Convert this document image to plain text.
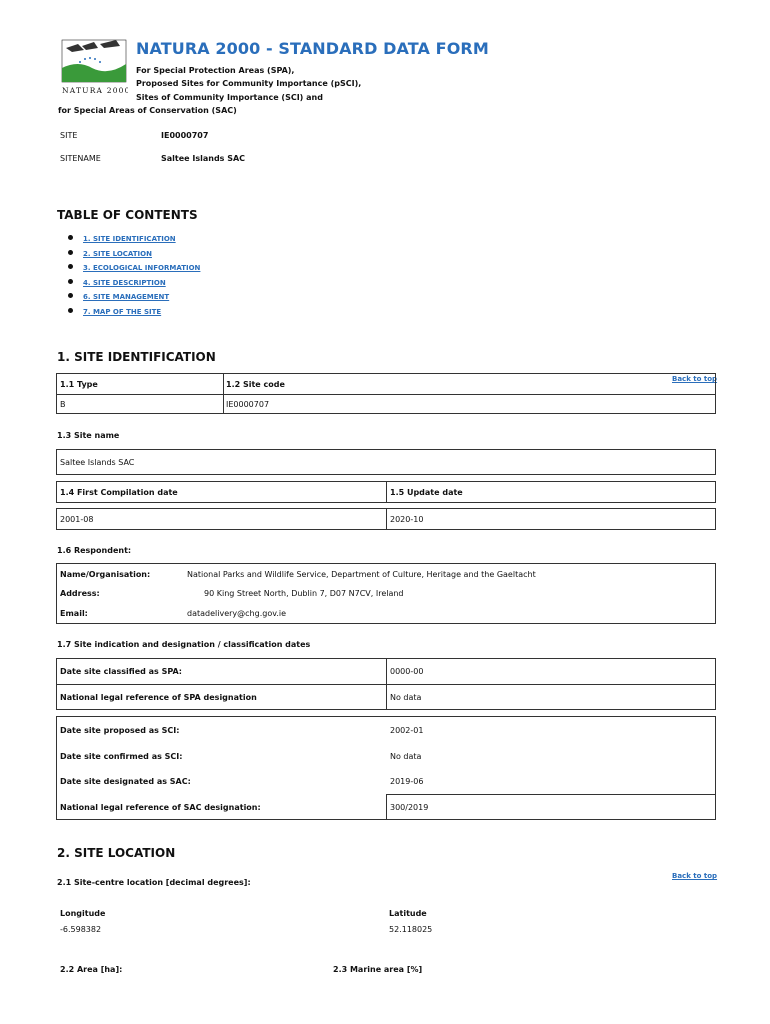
NATURA 2000
NATURA 2000 - STANDARD DATA FORM
For Special Protection Areas (SPA),
Proposed Sites for Community Importance (pSCI),
Sites of Community Importance (SCI) and
for Special Areas of Conservation (SAC)
SITE	IE0000707
SITENAME	Saltee Islands SAC
TABLE OF CONTENTS
1. SITE IDENTIFICATION
2. SITE LOCATION
3. ECOLOGICAL INFORMATION
4. SITE DESCRIPTION
6. SITE MANAGEMENT
7. MAP OF THE SITE
1. SITE IDENTIFICATION
Back to top
1.1 Type	1.2 Site code
B	IE0000707
1.3 Site name
Saltee Islands SAC
1.4 First Compilation date	1.5 Update date
2001-08	2020-10
1.6 Respondent:
Name/Organisation:	National Parks and Wildlife Service, Department of Culture, Heritage and the Gaeltacht
Address:	90 King Street North, Dublin 7, D07 N7CV, Ireland
Email:	datadelivery@chg.gov.ie
1.7 Site indication and designation / classification dates
Date site classified as SPA:	0000-00
National legal reference of SPA designation	No data
Date site proposed as SCI:	2002-01
Date site confirmed as SCI:	No data
Date site designated as SAC:	2019-06
National legal reference of SAC designation:	300/2019
2. SITE LOCATION
Back to top
2.1 Site-centre location [decimal degrees]:
Longitude
-6.598382
Latitude
52.118025
2.2 Area [ha]:	2.3 Marine area [%]
